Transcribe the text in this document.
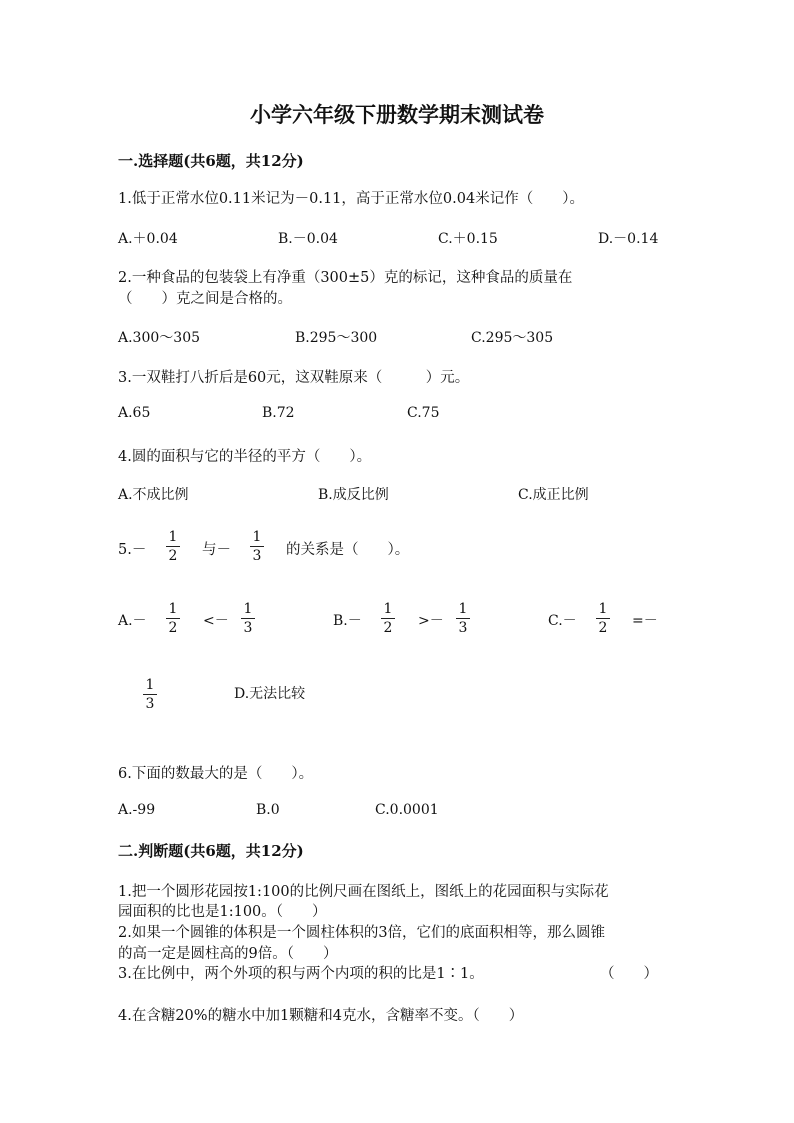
小学六年级下册数学期末测试卷
一.选择题(共6题，共12分)
1.低于正常水位0.11米记为－0.11，高于正常水位0.04米记作（　　）。
A.＋0.04	B.－0.04	C.＋0.15	D.－0.14
2.一种食品的包装袋上有净重（300±5）克的标记，这种食品的质量在
（　　）克之间是合格的。
A.300～305	B.295～300	C.295～305
3.一双鞋打八折后是60元，这双鞋原来（　　　）元。
A.65	B.72	C.75
4.圆的面积与它的半径的平方（　　）。
A.不成比例	B.成反比例	C.成正比例
5.－
1
2 与－
1
3 的关系是（　　）。
A.－
1
2 <－
1
3	B.－
1
2 >－
1
3	C.－
1
2 =－
1
3
D.无法比较
6.下面的数最大的是（　　）。
A.-99	B.0	C.0.0001
二.判断题(共6题，共12分)
1.把一个圆形花园按1:100的比例尺画在图纸上，图纸上的花园面积与实际花
园面积的比也是1:100。（　　）
2.如果一个圆锥的体积是一个圆柱体积的3倍，它们的底面积相等，那么圆锥
的高一定是圆柱高的9倍。（　　）
3.在比例中，两个外项的积与两个内项的积的比是1∶1。	（　　）
4.在含糖20%的糖水中加1颗糖和4克水，含糖率不变。（　　）
